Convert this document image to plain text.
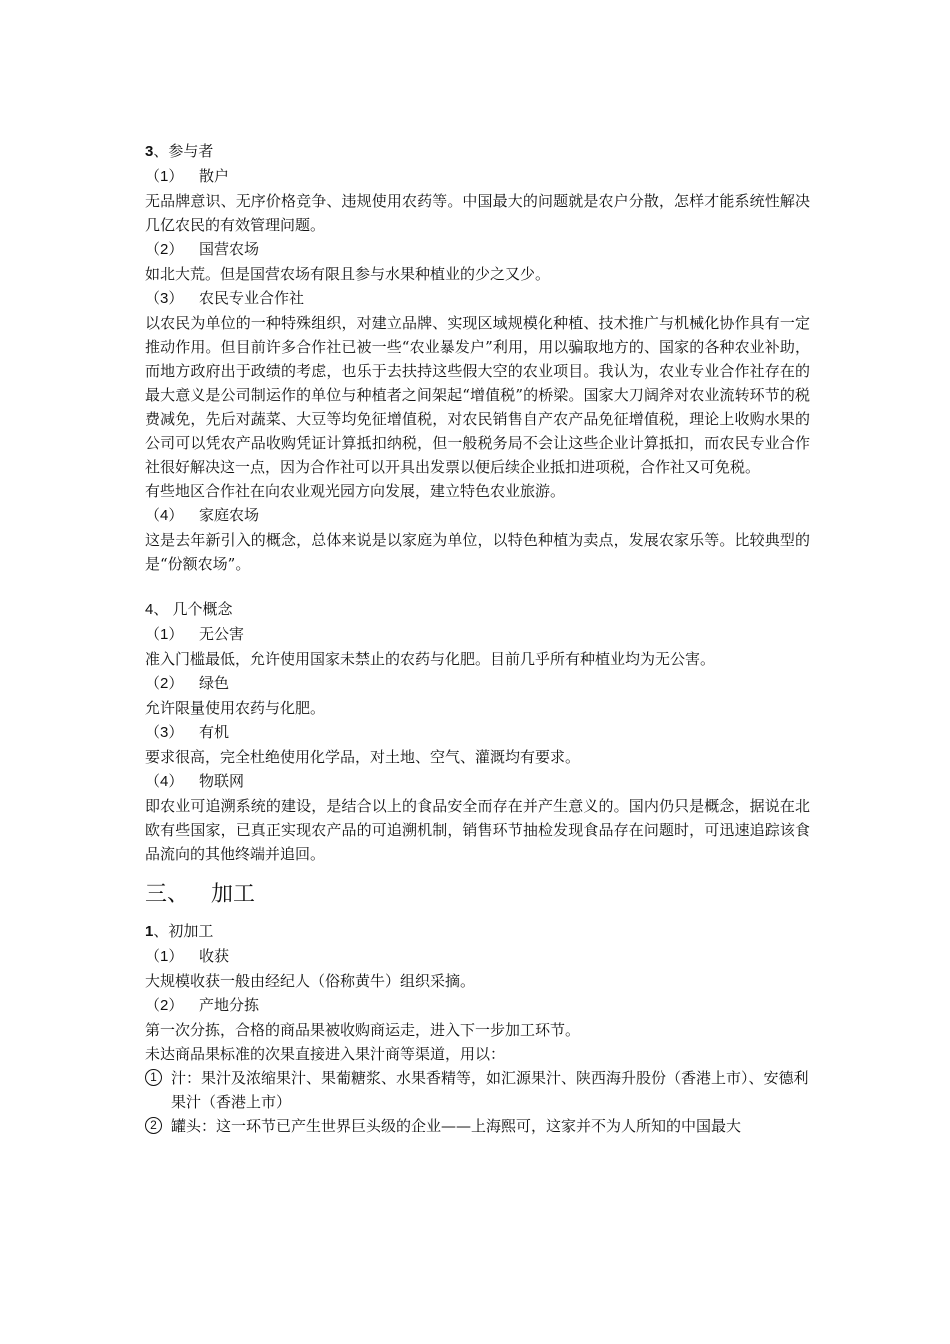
3、参与者

（1） 散户

无品牌意识、无序价格竞争、违规使用农药等。中国最大的问题就是农户分散，怎样才能系统性解决几亿农民的有效管理问题。

（2） 国营农场

如北大荒。但是国营农场有限且参与水果种植业的少之又少。

（3） 农民专业合作社

以农民为单位的一种特殊组织，对建立品牌、实现区域规模化种植、技术推广与机械化协作具有一定推动作用。但目前许多合作社已被一些“农业暴发户”利用，用以骗取地方的、国家的各种农业补助，而地方政府出于政绩的考虑，也乐于去扶持这些假大空的农业项目。我认为，农业专业合作社存在的最大意义是公司制运作的单位与种植者之间架起“增值税”的桥梁。国家大刀阔斧对农业流转环节的税费减免，先后对蔬菜、大豆等均免征增值税，对农民销售自产农产品免征增值税，理论上收购水果的公司可以凭农产品收购凭证计算抵扣纳税，但一般税务局不会让这些企业计算抵扣，而农民专业合作社很好解决这一点，因为合作社可以开具出发票以便后续企业抵扣进项税，合作社又可免税。

有些地区合作社在向农业观光园方向发展，建立特色农业旅游。

（4） 家庭农场

这是去年新引入的概念，总体来说是以家庭为单位，以特色种植为卖点，发展农家乐等。比较典型的是“份额农场”。

4、 几个概念

（1） 无公害

准入门槛最低，允许使用国家未禁止的农药与化肥。目前几乎所有种植业均为无公害。

（2） 绿色

允许限量使用农药与化肥。

（3） 有机

要求很高，完全杜绝使用化学品，对土地、空气、灌溉均有要求。

（4） 物联网

即农业可追溯系统的建设，是结合以上的食品安全而存在并产生意义的。国内仍只是概念，据说在北欧有些国家，已真正实现农产品的可追溯机制，销售环节抽检发现食品存在问题时，可迅速追踪该食品流向的其他终端并追回。

三、 加工

1、初加工

（1） 收获

大规模收获一般由经纪人（俗称黄牛）组织采摘。

（2） 产地分拣

第一次分拣，合格的商品果被收购商运走，进入下一步加工环节。

未达商品果标准的次果直接进入果汁商等渠道，用以：

1 汁：果汁及浓缩果汁、果葡糖浆、水果香精等，如汇源果汁、陕西海升股份（香港上市）、安德利果汁（香港上市）
2 罐头：这一环节已产生世界巨头级的企业——上海熙可，这家并不为人所知的中国最大
